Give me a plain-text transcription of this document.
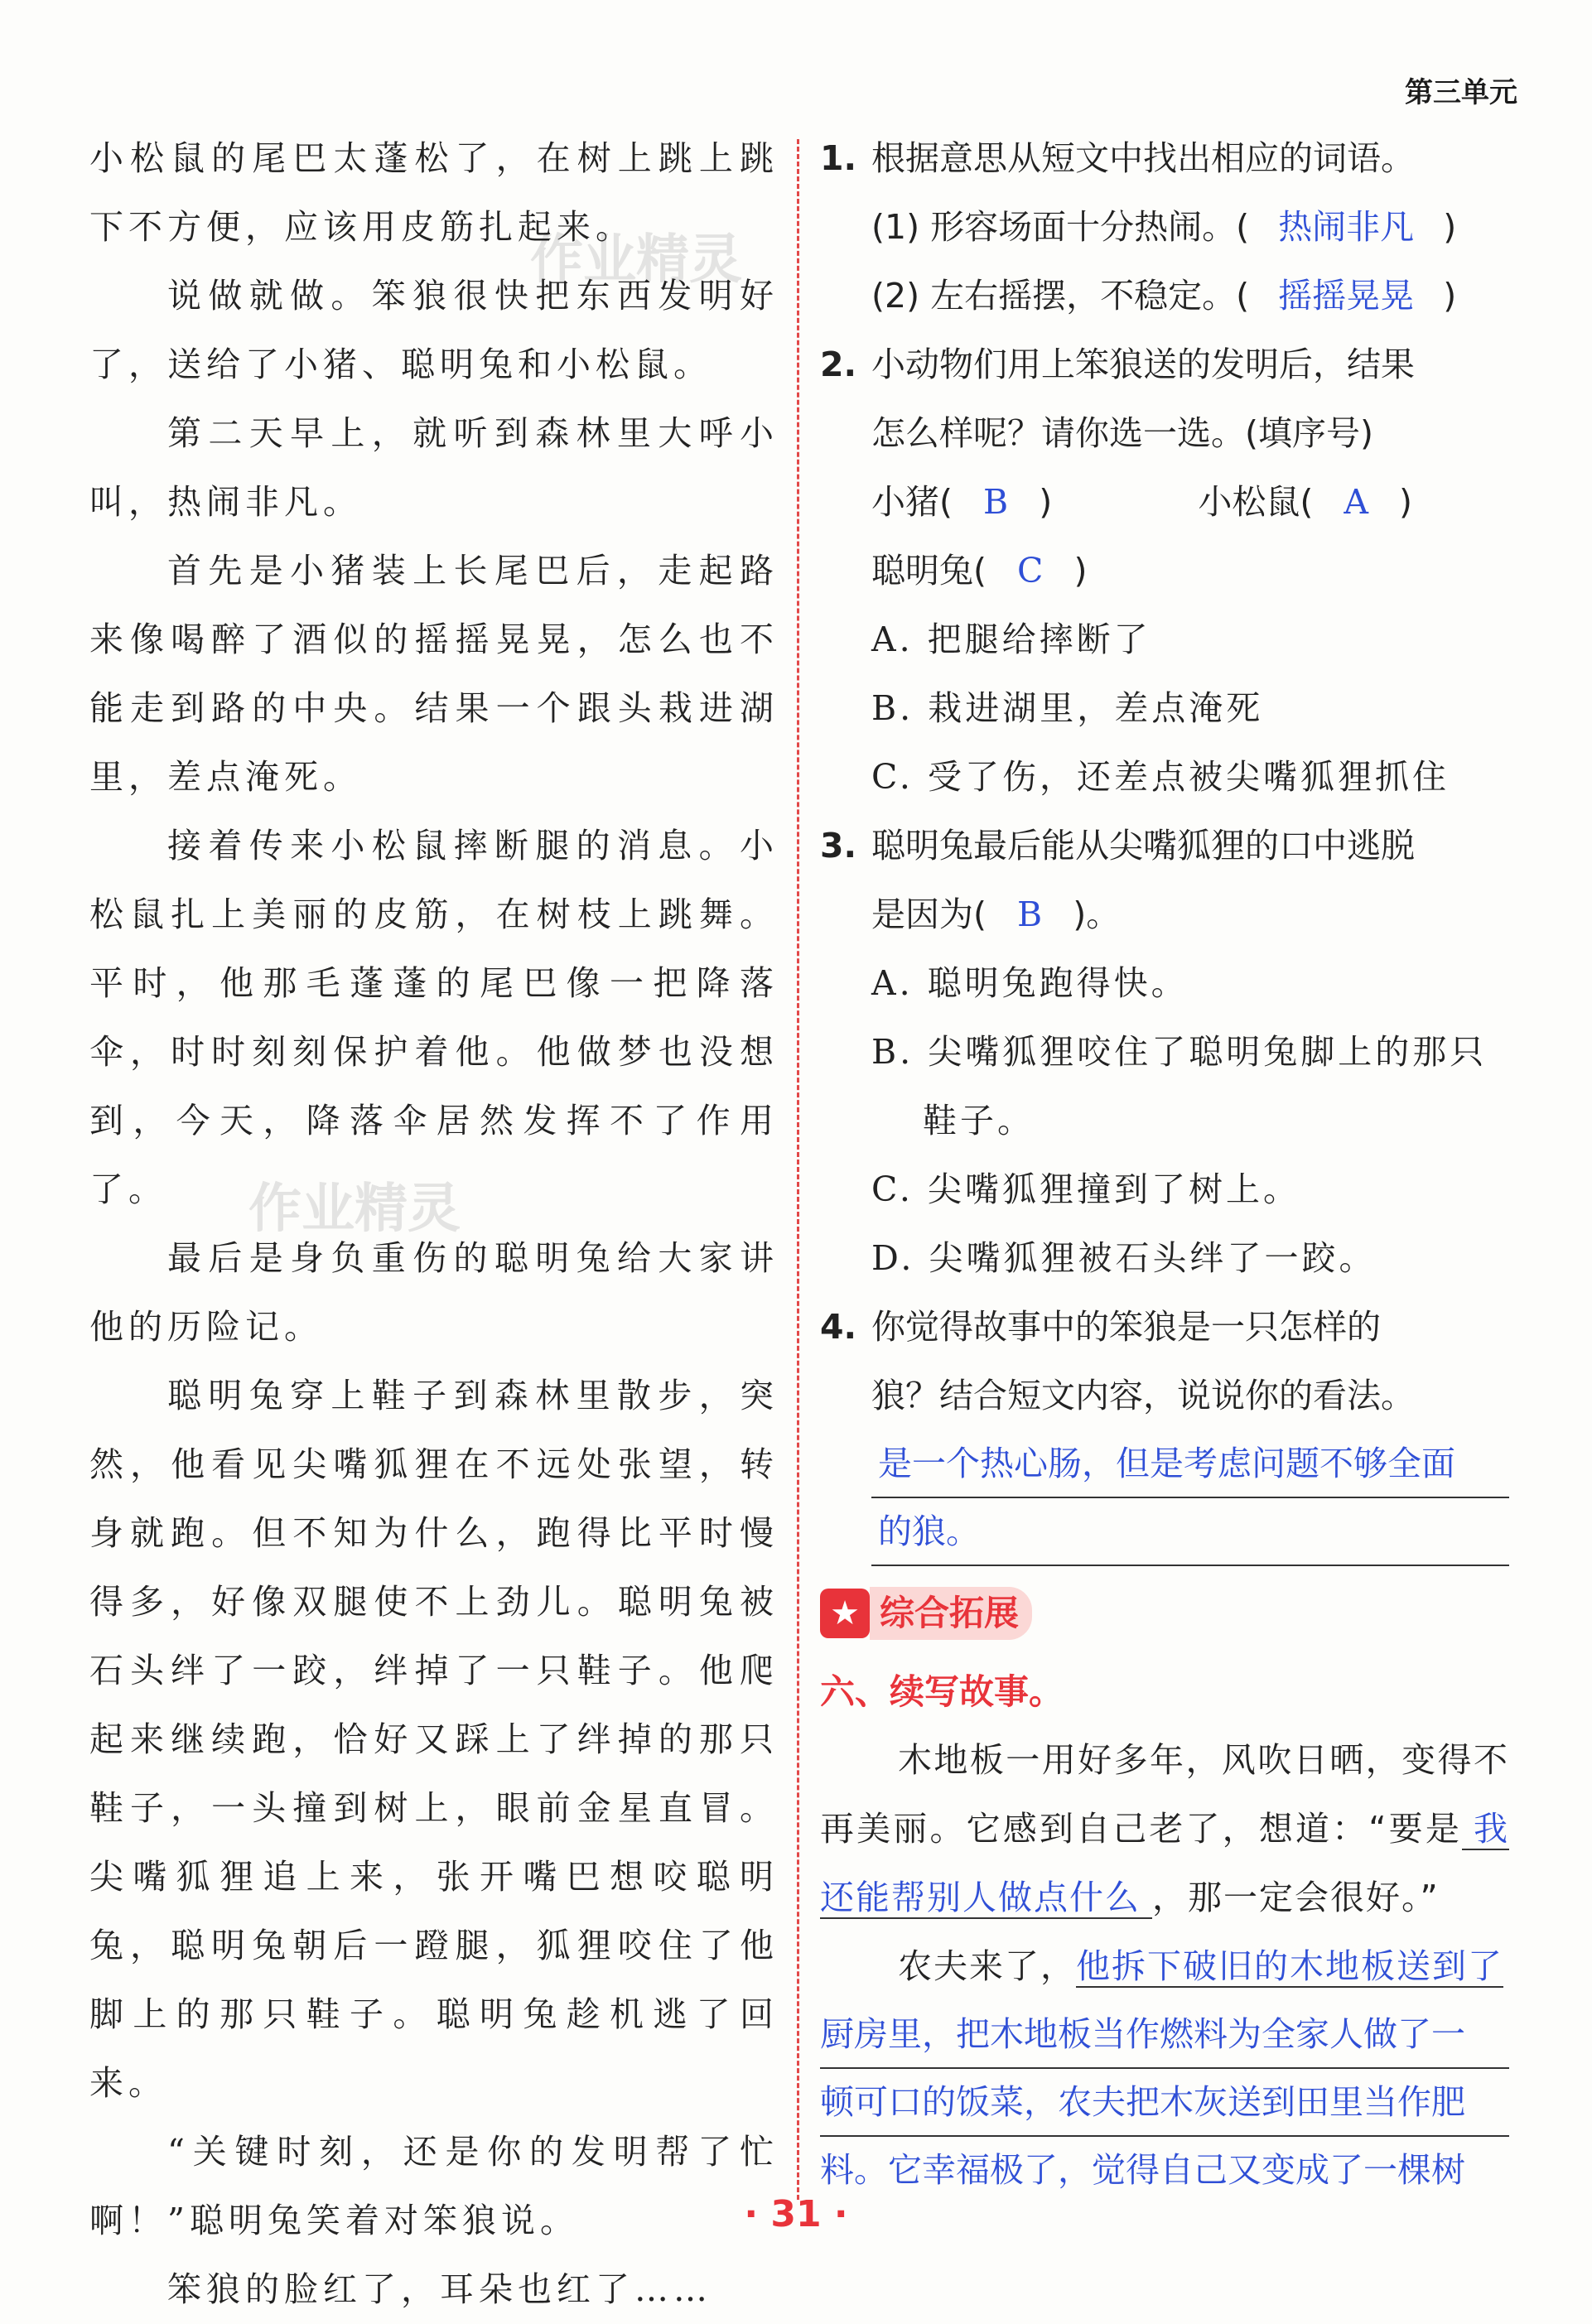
第三单元
作业精灵
作业精灵

小松鼠的尾巴太蓬松了，在树上跳上跳下不方便，应该用皮筋扎起来。

说做就做。笨狼很快把东西发明好了，送给了小猪、聪明兔和小松鼠。

第二天早上，就听到森林里大呼小叫，热闹非凡。

首先是小猪装上长尾巴后，走起路来像喝醉了酒似的摇摇晃晃，怎么也不能走到路的中央。结果一个跟头栽进湖里，差点淹死。

接着传来小松鼠摔断腿的消息。小松鼠扎上美丽的皮筋，在树枝上跳舞。平时，他那毛蓬蓬的尾巴像一把降落伞，时时刻刻保护着他。他做梦也没想到，今天，降落伞居然发挥不了作用了。

最后是身负重伤的聪明兔给大家讲他的历险记。

聪明兔穿上鞋子到森林里散步，突然，他看见尖嘴狐狸在不远处张望，转身就跑。但不知为什么，跑得比平时慢得多，好像双腿使不上劲儿。聪明兔被石头绊了一跤，绊掉了一只鞋子。他爬起来继续跑，恰好又踩上了绊掉的那只鞋子，一头撞到树上，眼前金星直冒。尖嘴狐狸追上来，张开嘴巴想咬聪明兔，聪明兔朝后一蹬腿，狐狸咬住了他脚上的那只鞋子。聪明兔趁机逃了回来。

“关键时刻，还是你的发明帮了忙啊！”聪明兔笑着对笨狼说。

笨狼的脸红了，耳朵也红了……

1. 根据意思从短文中找出相应的词语。
(1) 形容场面十分热闹。( 热闹非凡 )
(2) 左右摇摆，不稳定。( 摇摇晃晃 )
2. 小动物们用上笨狼送的发明后，结果
怎么样呢？请你选一选。(填序号)
小猪( B )	小松鼠( A )
聪明兔( C )

A. 把腿给摔断了

B. 栽进湖里，差点淹死

C. 受了伤，还差点被尖嘴狐狸抓住

3. 聪明兔最后能从尖嘴狐狸的口中逃脱
是因为( B )。

A. 聪明兔跑得快。

B. 尖嘴狐狸咬住了聪明兔脚上的那只鞋子。

C. 尖嘴狐狸撞到了树上。

D. 尖嘴狐狸被石头绊了一跤。

4. 你觉得故事中的笨狼是一只怎样的
狼？结合短文内容，说说你的看法。
是一个热心肠，但是考虑问题不够全面
的狼。
★ 综合拓展

六、续写故事。

木地板一用好多年，风吹日晒，变得不再美丽。它感到自己老了，想道：“要是 我还能帮别人做点什么 ，那一定会很好。”

农夫来了，他拆下破旧的木地板送到了

厨房里，把木地板当作燃料为全家人做了一
顿可口的饭菜，农夫把木灰送到田里当作肥
料。它幸福极了，觉得自己又变成了一棵树
· 31 ·
